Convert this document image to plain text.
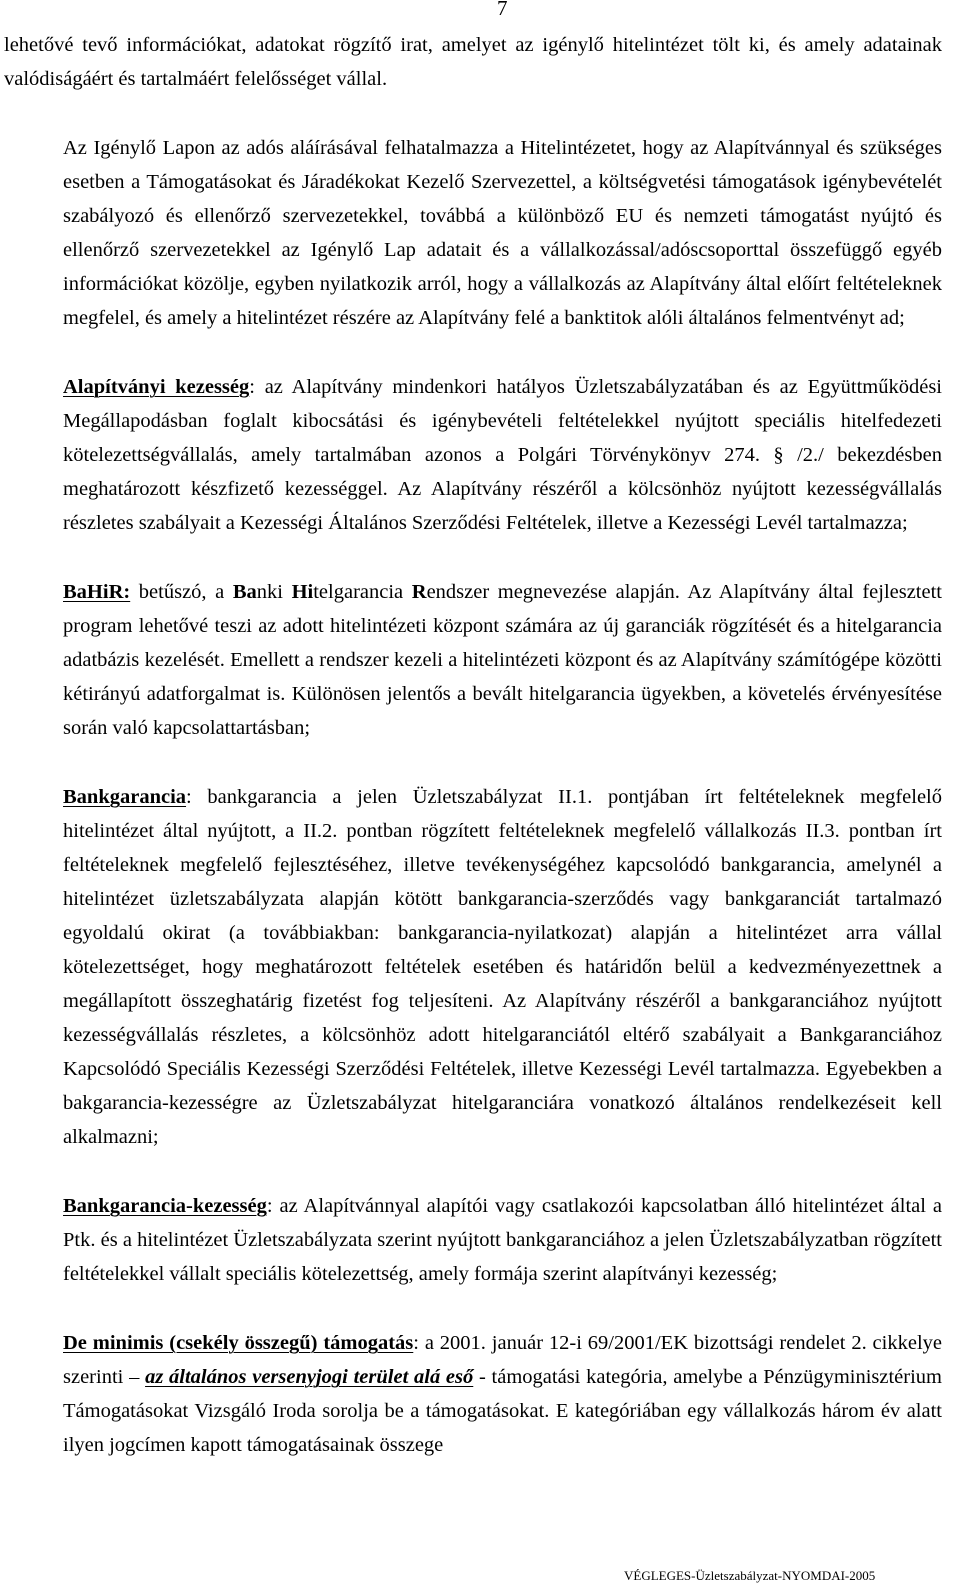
7

lehetővé tevő információkat, adatokat rögzítő irat, amelyet az igénylő hitelintézet tölt ki, és amely adatainak valódiságáért és tartalmáért felelősséget vállal.

Az Igénylő Lapon az adós aláírásával felhatalmazza a Hitelintézetet, hogy az Alapítvánnyal és szükséges esetben a Támogatásokat és Járadékokat Kezelő Szervezettel, a költségvetési támogatások igénybevételét szabályozó és ellenőrző szervezetekkel, továbbá a különböző EU és nemzeti támogatást nyújtó és ellenőrző szervezetekkel az Igénylő Lap adatait és a vállalkozással/adóscsoporttal összefüggő egyéb információkat közölje, egyben nyilatkozik arról, hogy a vállalkozás az Alapítvány által előírt feltételeknek megfelel, és amely a hitelintézet részére az Alapítvány felé a banktitok alóli általános felmentvényt ad;

Alapítványi kezesség: az Alapítvány mindenkori hatályos Üzletszabályzatában és az Együttműködési Megállapodásban foglalt kibocsátási és igénybevételi feltételekkel nyújtott speciális hitelfedezeti kötelezettségvállalás, amely tartalmában azonos a Polgári Törvénykönyv 274. § /2./ bekezdésben meghatározott készfizető kezességgel. Az Alapítvány részéről a kölcsönhöz nyújtott kezességvállalás részletes szabályait a Kezességi Általános Szerződési Feltételek, illetve a Kezességi Levél tartalmazza;

BaHiR: betűszó, a Banki Hitelgarancia Rendszer megnevezése alapján. Az Alapítvány által fejlesztett program lehetővé teszi az adott hitelintézeti központ számára az új garanciák rögzítését és a hitelgarancia adatbázis kezelését. Emellett a rendszer kezeli a hitelintézeti központ és az Alapítvány számítógépe közötti kétirányú adatforgalmat is. Különösen jelentős a bevált hitelgarancia ügyekben, a követelés érvényesítése során való kapcsolattartásban;

Bankgarancia: bankgarancia a jelen Üzletszabályzat II.1. pontjában írt feltételeknek megfelelő hitelintézet által nyújtott, a II.2. pontban rögzített feltételeknek megfelelő vállalkozás II.3. pontban írt feltételeknek megfelelő fejlesztéséhez, illetve tevékenységéhez kapcsolódó bankgarancia, amelynél a hitelintézet üzletszabályzata alapján kötött bankgarancia-szerződés vagy bankgaranciát tartalmazó egyoldalú okirat (a továbbiakban: bankgarancia-nyilatkozat) alapján a hitelintézet arra vállal kötelezettséget, hogy meghatározott feltételek esetében és határidőn belül a kedvezményezettnek a megállapított összeghatárig fizetést fog teljesíteni. Az Alapítvány részéről a bankgaranciához nyújtott kezességvállalás részletes, a kölcsönhöz adott hitelgaranciától eltérő szabályait a Bankgaranciához Kapcsolódó Speciális Kezességi Szerződési Feltételek, illetve Kezességi Levél tartalmazza. Egyebekben a bakgarancia-kezességre az Üzletszabályzat hitelgaranciára vonatkozó általános rendelkezéseit kell alkalmazni;

Bankgarancia-kezesség: az Alapítvánnyal alapítói vagy csatlakozói kapcsolatban álló hitelintézet által a Ptk. és a hitelintézet Üzletszabályzata szerint nyújtott bankgaranciához a jelen Üzletszabályzatban rögzített feltételekkel vállalt speciális kötelezettség, amely formája szerint alapítványi kezesség;

De minimis (csekély összegű) támogatás: a 2001. január 12-i 69/2001/EK bizottsági rendelet 2. cikkelye szerinti – az általános versenyjogi terület alá eső - támogatási kategória, amelybe a Pénzügyminisztérium Támogatásokat Vizsgáló Iroda sorolja be a támogatásokat. E kategóriában egy vállalkozás három év alatt ilyen jogcímen kapott támogatásainak összege

VÉGLEGES-Üzletszabályzat-NYOMDAI-2005
